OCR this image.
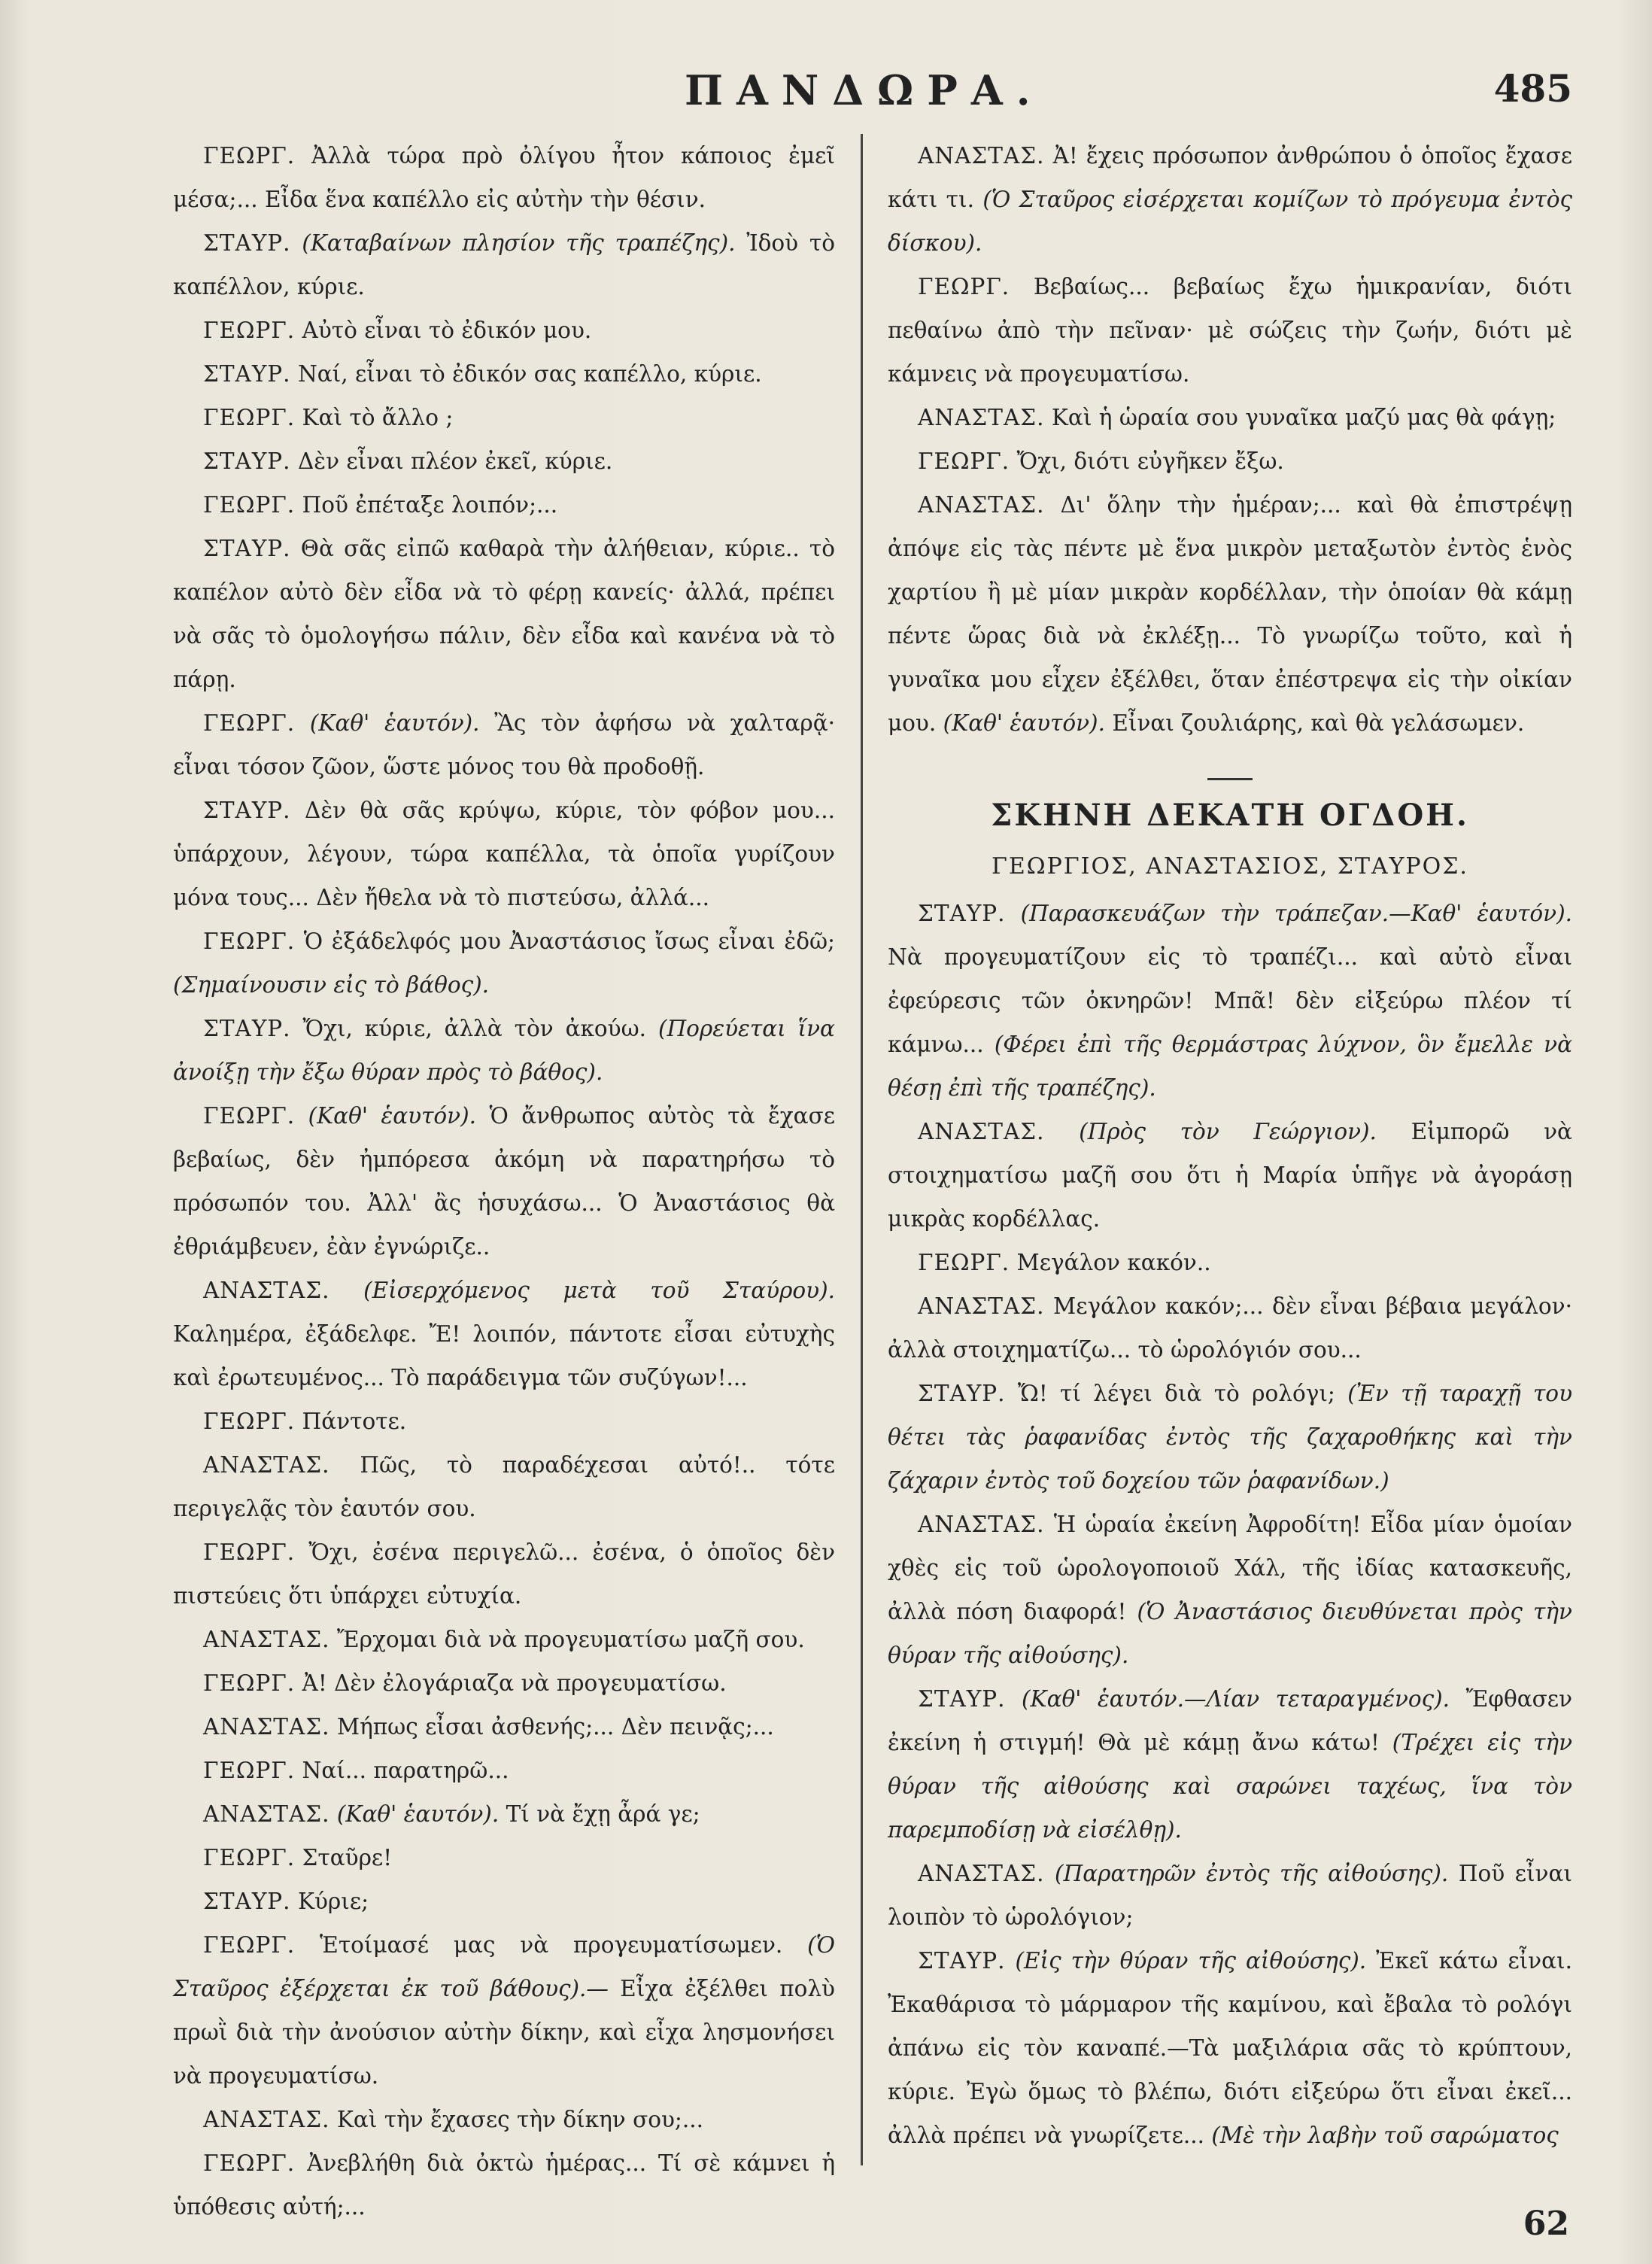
ΠΑΝΔΩΡΑ.	485

ΓΕΩΡΓ. Ἀλλὰ τώρα πρὸ ὀλίγου ἦτον κάποιος ἐμεῖ μέσα;... Εἶδα ἕνα καπέλλο εἰς αὐτὴν τὴν θέσιν.

ΣΤΑΥΡ. (Καταβαίνων πλησίον τῆς τραπέζης). Ἰδοὺ τὸ καπέλλον, κύριε.

ΓΕΩΡΓ. Αὐτὸ εἶναι τὸ ἐδικόν μου.

ΣΤΑΥΡ. Ναί, εἶναι τὸ ἐδικόν σας καπέλλο, κύριε.

ΓΕΩΡΓ. Καὶ τὸ ἄλλο ;

ΣΤΑΥΡ. Δὲν εἶναι πλέον ἐκεῖ, κύριε.

ΓΕΩΡΓ. Ποῦ ἐπέταξε λοιπόν;...

ΣΤΑΥΡ. Θὰ σᾶς εἰπῶ καθαρὰ τὴν ἀλήθειαν, κύριε.. τὸ καπέλον αὐτὸ δὲν εἶδα νὰ τὸ φέρῃ κανείς· ἀλλά, πρέπει νὰ σᾶς τὸ ὁμολογήσω πάλιν, δὲν εἶδα καὶ κανένα νὰ τὸ πάρῃ.

ΓΕΩΡΓ. (Καθ' ἑαυτόν). Ἂς τὸν ἀφήσω νὰ χαλταρᾷ· εἶναι τόσον ζῶον, ὥστε μόνος του θὰ προδοθῇ.

ΣΤΑΥΡ. Δὲν θὰ σᾶς κρύψω, κύριε, τὸν φόβον μου... ὑπάρχουν, λέγουν, τώρα καπέλλα, τὰ ὁποῖα γυρίζουν μόνα τους... Δὲν ἤθελα νὰ τὸ πιστεύσω, ἀλλά...

ΓΕΩΡΓ. Ὁ ἐξάδελφός μου Ἀναστάσιος ἴσως εἶναι ἐδῶ; (Σημαίνουσιν εἰς τὸ βάθος).

ΣΤΑΥΡ. Ὄχι, κύριε, ἀλλὰ τὸν ἀκούω. (Πορεύεται ἵνα ἀνοίξῃ τὴν ἔξω θύραν πρὸς τὸ βάθος).

ΓΕΩΡΓ. (Καθ' ἑαυτόν). Ὁ ἄνθρωπος αὐτὸς τὰ ἔχασε βεβαίως, δὲν ἠμπόρεσα ἀκόμη νὰ παρατηρήσω τὸ πρόσωπόν του. Ἀλλ' ἂς ἡσυχάσω... Ὁ Ἀναστάσιος θὰ ἐθριάμβευεν, ἐὰν ἐγνώριζε..

ΑΝΑΣΤΑΣ. (Εἰσερχόμενος μετὰ τοῦ Σταύρου). Καλημέρα, ἐξάδελφε. Ἔ! λοιπόν, πάντοτε εἶσαι εὐτυχὴς καὶ ἐρωτευμένος... Τὸ παράδειγμα τῶν συζύγων!...

ΓΕΩΡΓ. Πάντοτε.

ΑΝΑΣΤΑΣ. Πῶς, τὸ παραδέχεσαι αὐτό!.. τότε περιγελᾷς τὸν ἑαυτόν σου.

ΓΕΩΡΓ. Ὄχι, ἐσένα περιγελῶ... ἐσένα, ὁ ὁποῖος δὲν πιστεύεις ὅτι ὑπάρχει εὐτυχία.

ΑΝΑΣΤΑΣ. Ἔρχομαι διὰ νὰ προγευματίσω μαζῆ σου.

ΓΕΩΡΓ. Ἀ! Δὲν ἐλογάριαζα νὰ προγευματίσω.

ΑΝΑΣΤΑΣ. Μήπως εἶσαι ἀσθενής;... Δὲν πεινᾷς;...

ΓΕΩΡΓ. Ναί... παρατηρῶ...

ΑΝΑΣΤΑΣ. (Καθ' ἑαυτόν). Τί νὰ ἔχῃ ἆρά γε;

ΓΕΩΡΓ. Σταῦρε!

ΣΤΑΥΡ. Κύριε;

ΓΕΩΡΓ. Ἑτοίμασέ μας νὰ προγευματίσωμεν. (Ὁ Σταῦρος ἐξέρχεται ἐκ τοῦ βάθους).— Εἶχα ἐξέλθει πολὺ πρωῒ διὰ τὴν ἀνούσιον αὐτὴν δίκην, καὶ εἶχα λησμονήσει νὰ προγευματίσω.

ΑΝΑΣΤΑΣ. Καὶ τὴν ἔχασες τὴν δίκην σου;...

ΓΕΩΡΓ. Ἀνεβλήθη διὰ ὀκτὼ ἡμέρας... Τί σὲ κάμνει ἡ ὑπόθεσις αὐτή;...

ΑΝΑΣΤΑΣ. Ἀ! ἔχεις πρόσωπον ἀνθρώπου ὁ ὁποῖος ἔχασε κάτι τι. (Ὁ Σταῦρος εἰσέρχεται κομίζων τὸ πρόγευμα ἐντὸς δίσκου).

ΓΕΩΡΓ. Βεβαίως... βεβαίως ἔχω ἡμικρανίαν, διότι πεθαίνω ἀπὸ τὴν πεῖναν· μὲ σώζεις τὴν ζωήν, διότι μὲ κάμνεις νὰ προγευματίσω.

ΑΝΑΣΤΑΣ. Καὶ ἡ ὡραία σου γυναῖκα μαζύ μας θὰ φάγῃ;

ΓΕΩΡΓ. Ὄχι, διότι εὐγῆκεν ἔξω.

ΑΝΑΣΤΑΣ. Δι' ὅλην τὴν ἡμέραν;... καὶ θὰ ἐπιστρέψῃ ἀπόψε εἰς τὰς πέντε μὲ ἕνα μικρὸν μεταξωτὸν ἐντὸς ἑνὸς χαρτίου ἢ μὲ μίαν μικρὰν κορδέλλαν, τὴν ὁποίαν θὰ κάμῃ πέντε ὥρας διὰ νὰ ἐκλέξῃ... Τὸ γνωρίζω τοῦτο, καὶ ἡ γυναῖκα μου εἶχεν ἐξέλθει, ὅταν ἐπέστρεψα εἰς τὴν οἰκίαν μου. (Καθ' ἑαυτόν). Εἶναι ζουλιάρης, καὶ θὰ γελάσωμεν.

ΣΚΗΝΗ ΔΕΚΑΤΗ ΟΓΔΟΗ.
ΓΕΩΡΓΙΟΣ, ΑΝΑΣΤΑΣΙΟΣ, ΣΤΑΥΡΟΣ.

ΣΤΑΥΡ. (Παρασκευάζων τὴν τράπεζαν.—Καθ' ἑαυτόν). Νὰ προγευματίζουν εἰς τὸ τραπέζι... καὶ αὐτὸ εἶναι ἐφεύρεσις τῶν ὀκνηρῶν! Μπᾶ! δὲν εἰξεύρω πλέον τί κάμνω... (Φέρει ἐπὶ τῆς θερμάστρας λύχνον, ὃν ἔμελλε νὰ θέσῃ ἐπὶ τῆς τραπέζης).

ΑΝΑΣΤΑΣ. (Πρὸς τὸν Γεώργιον). Εἰμπορῶ νὰ στοιχηματίσω μαζῆ σου ὅτι ἡ Μαρία ὑπῆγε νὰ ἀγοράσῃ μικρὰς κορδέλλας.

ΓΕΩΡΓ. Μεγάλον κακόν..

ΑΝΑΣΤΑΣ. Μεγάλον κακόν;... δὲν εἶναι βέβαια μεγάλον· ἀλλὰ στοιχηματίζω... τὸ ὡρολόγιόν σου...

ΣΤΑΥΡ. Ὤ! τί λέγει διὰ τὸ ρολόγι; (Ἐν τῇ ταραχῇ του θέτει τὰς ῥαφανίδας ἐντὸς τῆς ζαχαροθήκης καὶ τὴν ζάχαριν ἐντὸς τοῦ δοχείου τῶν ῥαφανίδων.)

ΑΝΑΣΤΑΣ. Ἡ ὡραία ἐκείνη Ἀφροδίτη! Εἶδα μίαν ὁμοίαν χθὲς εἰς τοῦ ὡρολογοποιοῦ Χάλ, τῆς ἰδίας κατασκευῆς, ἀλλὰ πόση διαφορά! (Ὁ Ἀναστάσιος διευθύνεται πρὸς τὴν θύραν τῆς αἰθούσης).

ΣΤΑΥΡ. (Καθ' ἑαυτόν.—Λίαν τεταραγμένος). Ἔφθασεν ἐκείνη ἡ στιγμή! Θὰ μὲ κάμῃ ἄνω κάτω! (Τρέχει εἰς τὴν θύραν τῆς αἰθούσης καὶ σαρώνει ταχέως, ἵνα τὸν παρεμποδίσῃ νὰ εἰσέλθῃ).

ΑΝΑΣΤΑΣ. (Παρατηρῶν ἐντὸς τῆς αἰθούσης). Ποῦ εἶναι λοιπὸν τὸ ὡρολόγιον;

ΣΤΑΥΡ. (Εἰς τὴν θύραν τῆς αἰθούσης). Ἐκεῖ κάτω εἶναι. Ἐκαθάρισα τὸ μάρμαρον τῆς καμίνου, καὶ ἔβαλα τὸ ρολόγι ἀπάνω εἰς τὸν καναπέ.—Τὰ μαξιλάρια σᾶς τὸ κρύπτουν, κύριε. Ἐγὼ ὅμως τὸ βλέπω, διότι εἰξεύρω ὅτι εἶναι ἐκεῖ... ἀλλὰ πρέπει νὰ γνωρίζετε... (Μὲ τὴν λαβὴν τοῦ σαρώματος

62
